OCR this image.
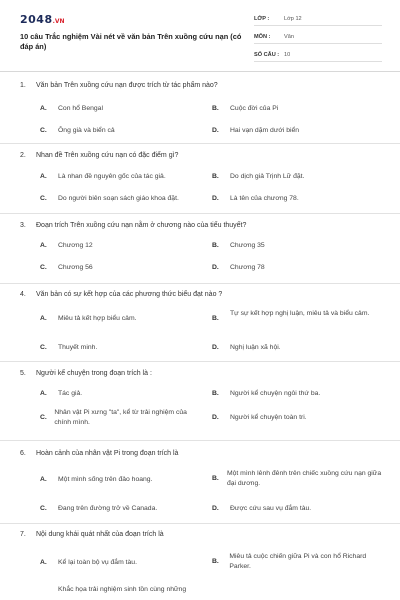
2048.VN
10 câu Trắc nghiệm Vài nét về văn bản Trên xuồng cứu nạn (có đáp án)
LỚP :	Lớp 12
MÔN :	Văn
SỐ CÂU : 10
1. Văn bản Trên xuồng cứu nạn được trích từ tác phẩm nào?
A.	Con hổ Bengal	B.	Cuộc đời của Pi
C.	Ông già và biển cả	D.	Hai vạn dặm dưới biển
2. Nhan đề Trên xuồng cứu nạn có đặc điểm gì?
A.	Là nhan đề nguyên gốc của tác giả.	B.	Do dịch giả Trịnh Lữ đặt.
C.	Do người biên soạn sách giáo khoa đặt.	D.	Là tên của chương 78.
3. Đoạn trích Trên xuồng cứu nạn nằm ở chương nào của tiểu thuyết?
A.	Chương 12	B.	Chương 35
C.	Chương 56	D.	Chương 78
4. Văn bản có sự kết hợp của các phương thức biểu đạt nào ?
A.	Miêu tả kết hợp biểu cảm.	B.
Tự sự kết hợp nghị luận, miêu tả và biểu cảm.
C.	Thuyết minh.	D.	Nghị luận xã hội.
5. Người kể chuyện trong đoạn trích là :
A.	Tác giả.	B.	Người kể chuyện ngôi thứ ba.
C.
Nhân vật Pi xưng "ta", kể từ trải nghiệm của chính mình.
D.	Người kể chuyện toàn tri.
6. Hoàn cảnh của nhân vật Pi trong đoạn trích là
A.	Một mình sống trên đảo hoang.	B.
Một mình lênh đênh trên chiếc xuồng cứu nạn giữa đại dương.
C.	Đang trên đường trở về Canada.	D.	Được cứu sau vụ đắm tàu.
7. Nội dung khái quát nhất của đoạn trích là
A.	Kể lại toàn bộ vụ đắm tàu.	B.
Miêu tả cuộc chiến giữa Pi và con hổ Richard Parker.
Khắc họa trải nghiệm sinh tồn cùng những
